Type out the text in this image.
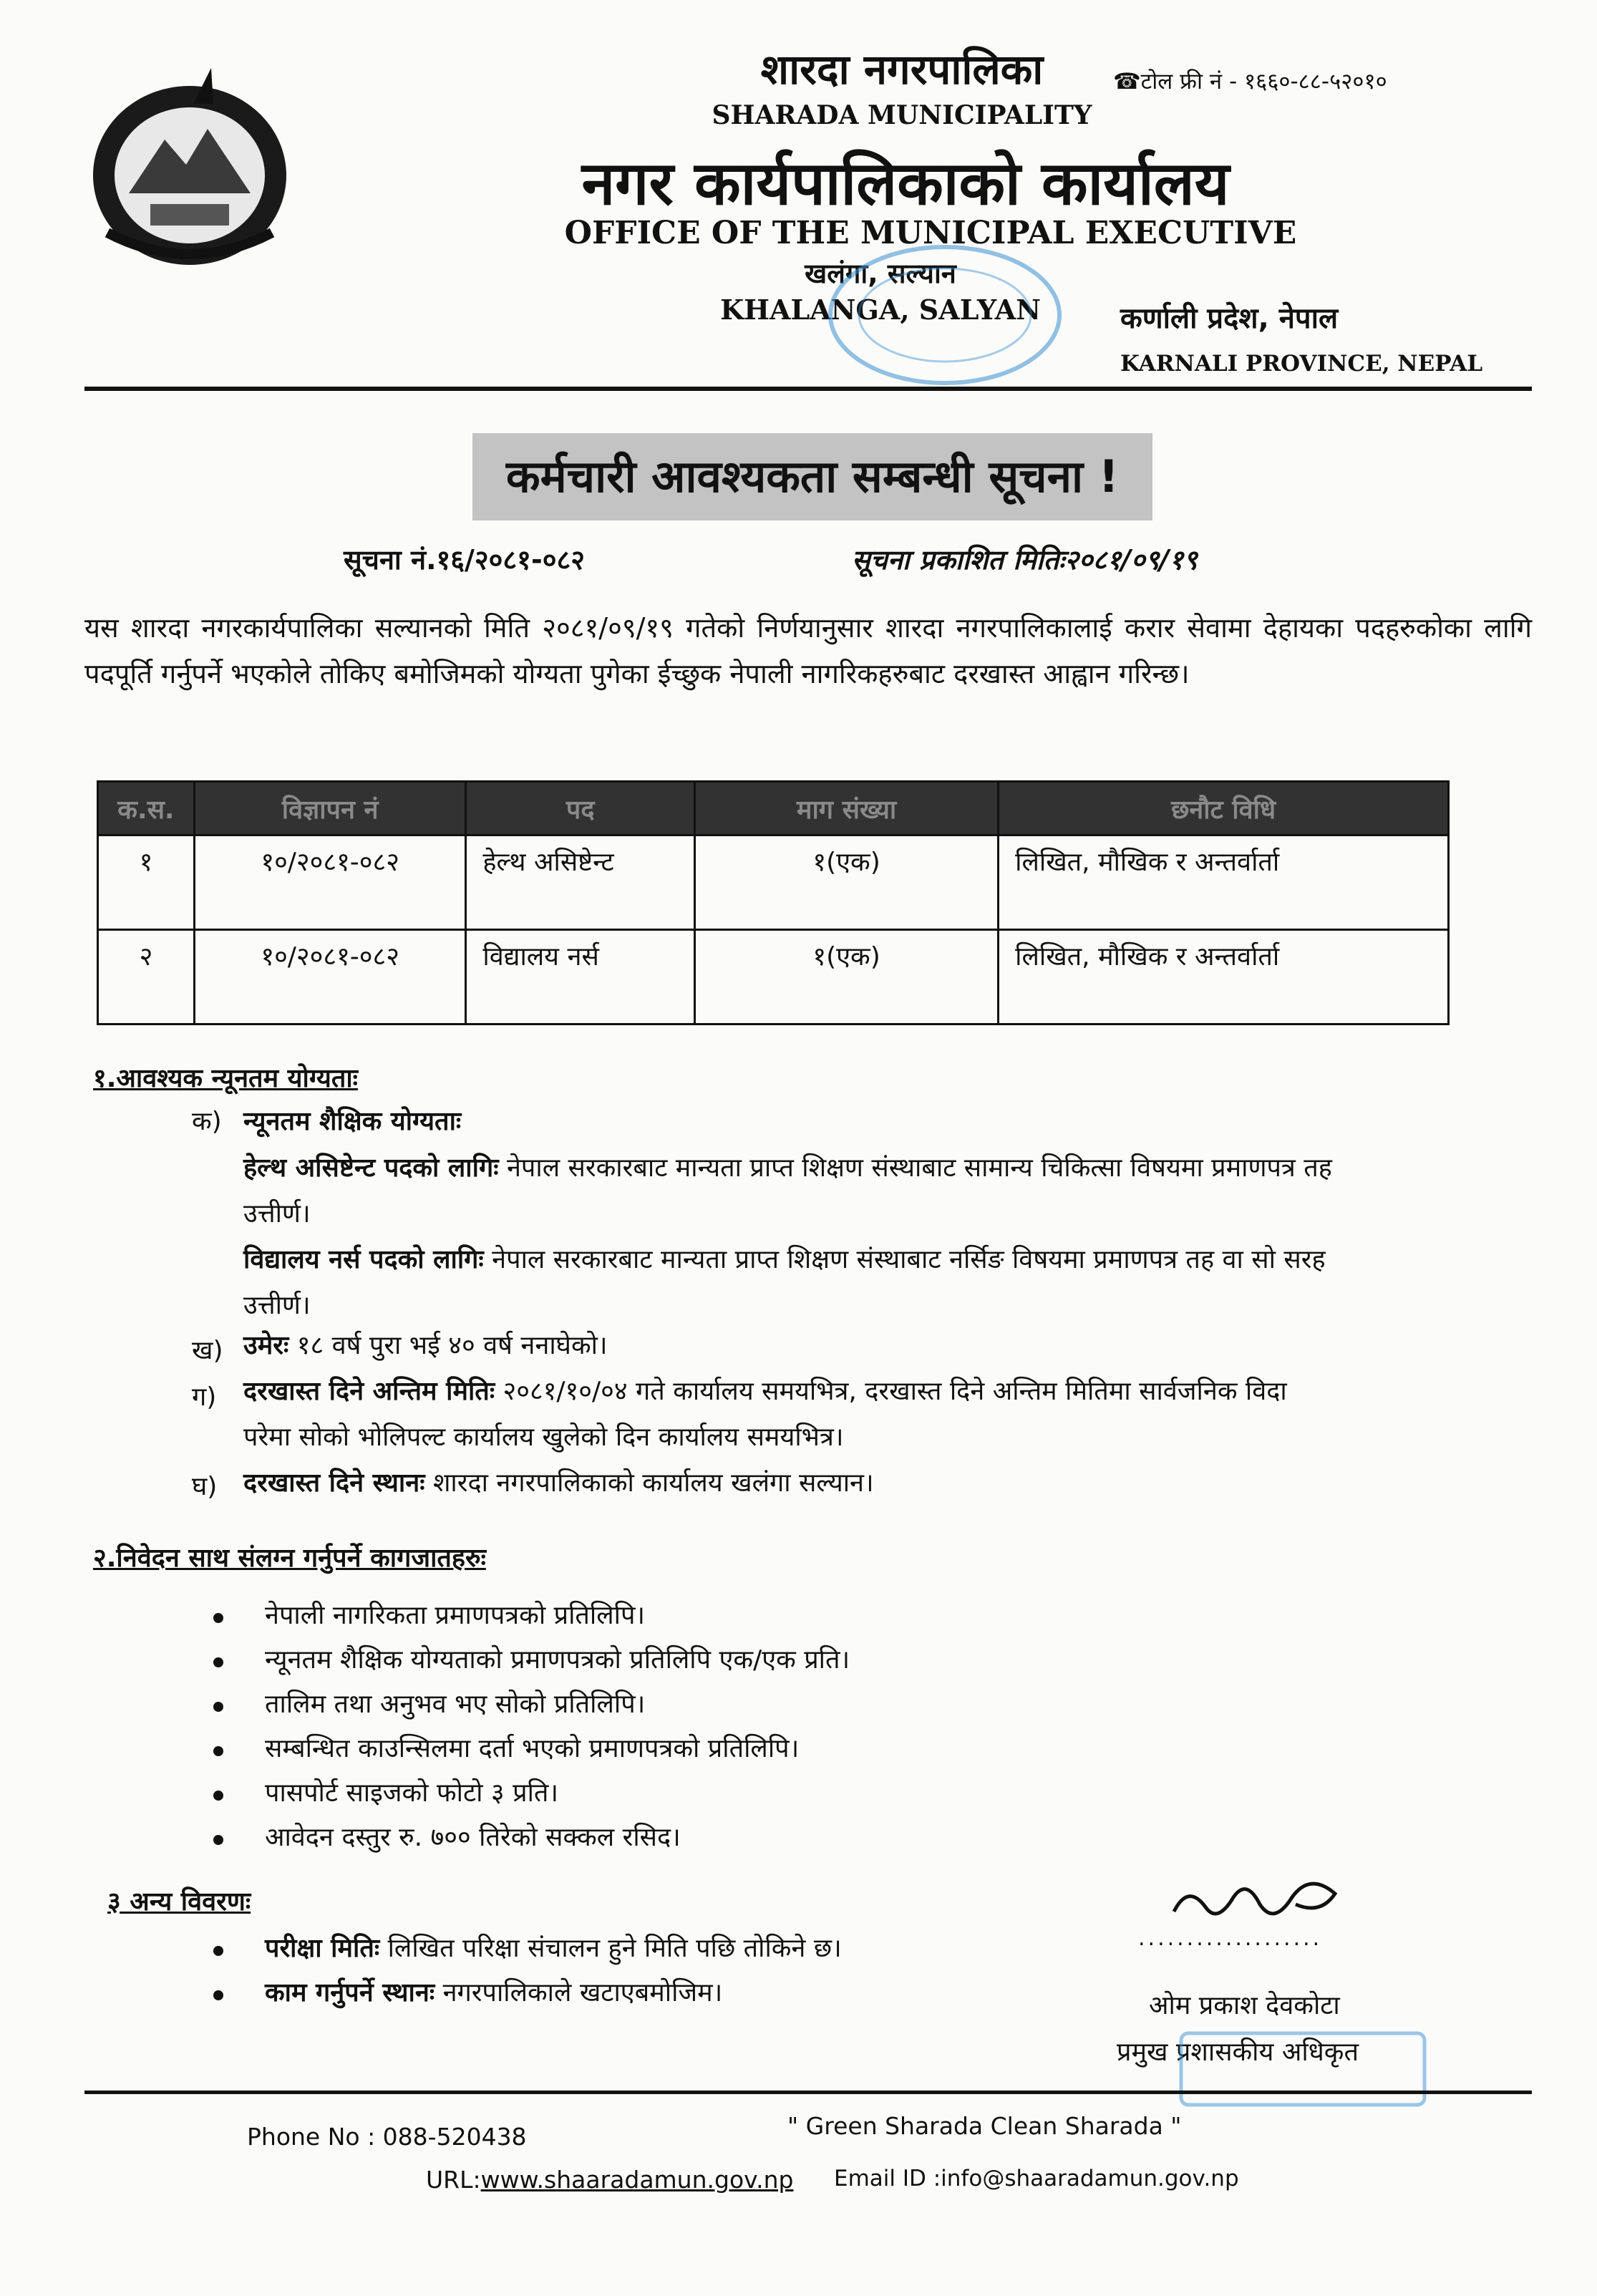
शारदा नगरपालिका
SHARADA MUNICIPALITY
नगर कार्यपालिकाको कार्यालय
OFFICE OF THE MUNICIPAL EXECUTIVE
खलंगा, सल्यान
KHALANGA, SALYAN
☎टोल फ्री नं - १६६०-८८-५२०१०
कर्णाली प्रदेश, नेपाल
KARNALI PROVINCE, NEPAL
कर्मचारी आवश्यकता सम्बन्धी सूचना !
सूचना नं.१६/२०८१-०८२	सूचना प्रकाशित मितिः२०८१/०९/१९
यस शारदा नगरकार्यपालिका सल्यानको मिति २०८१/०९/१९ गतेको निर्णयानुसार शारदा नगरपालिकालाई करार सेवामा देहायका पदहरुकोका लागि पदपूर्ति गर्नुपर्ने भएकोले तोकिए बमोजिमको योग्यता पुगेका ईच्छुक नेपाली नागरिकहरुबाट दरखास्त आह्वान गरिन्छ।
क.स.	विज्ञापन नं	पद	माग संख्या	छनौट विधि
१	१०/२०८१-०८२	हेल्थ असिष्टेन्ट	१(एक)	लिखित, मौखिक र अन्तर्वार्ता
२	१०/२०८१-०८२	विद्यालय नर्स	१(एक)	लिखित, मौखिक र अन्तर्वार्ता
१.आवश्यक न्यूनतम योग्यताः
क) न्यूनतम शैक्षिक योग्यताः
हेल्थ असिष्टेन्ट पदको लागिः नेपाल सरकारबाट मान्यता प्राप्त शिक्षण संस्थाबाट सामान्य चिकित्सा विषयमा प्रमाणपत्र तह
उत्तीर्ण।
विद्यालय नर्स पदको लागिः नेपाल सरकारबाट मान्यता प्राप्त शिक्षण संस्थाबाट नर्सिङ विषयमा प्रमाणपत्र तह वा सो सरह
उत्तीर्ण।
ख) उमेरः १८ वर्ष पुरा भई ४० वर्ष ननाघेको।
ग)	दरखास्त दिने अन्तिम मितिः २०८१/१०/०४ गते कार्यालय समयभित्र, दरखास्त दिने अन्तिम मितिमा सार्वजनिक विदा
परेमा सोको भोलिपल्ट कार्यालय खुलेको दिन कार्यालय समयभित्र।
घ)	दरखास्त दिने स्थानः शारदा नगरपालिकाको कार्यालय खलंगा सल्यान।
२.निवेदन साथ संलग्न गर्नुपर्ने कागजातहरुः
नेपाली नागरिकता प्रमाणपत्रको प्रतिलिपि।
न्यूनतम शैक्षिक योग्यताको प्रमाणपत्रको प्रतिलिपि एक/एक प्रति।
तालिम तथा अनुभव भए सोको प्रतिलिपि।
सम्बन्धित काउन्सिलमा दर्ता भएको प्रमाणपत्रको प्रतिलिपि।
पासपोर्ट साइजको फोटो ३ प्रति।
आवेदन दस्तुर रु. ७०० तिरेको सक्कल रसिद।
३ अन्य विवरणः
परीक्षा मितिः लिखित परिक्षा संचालन हुने मिति पछि तोकिने छ।
काम गर्नुपर्ने स्थानः नगरपालिकाले खटाएबमोजिम।
...................
ओम प्रकाश देवकोटा
प्रमुख प्रशासकीय अधिकृत
Phone No : 088-520438
URL:www.shaaradamun.gov.np
" Green Sharada Clean Sharada "
Email ID :info@shaaradamun.gov.np
